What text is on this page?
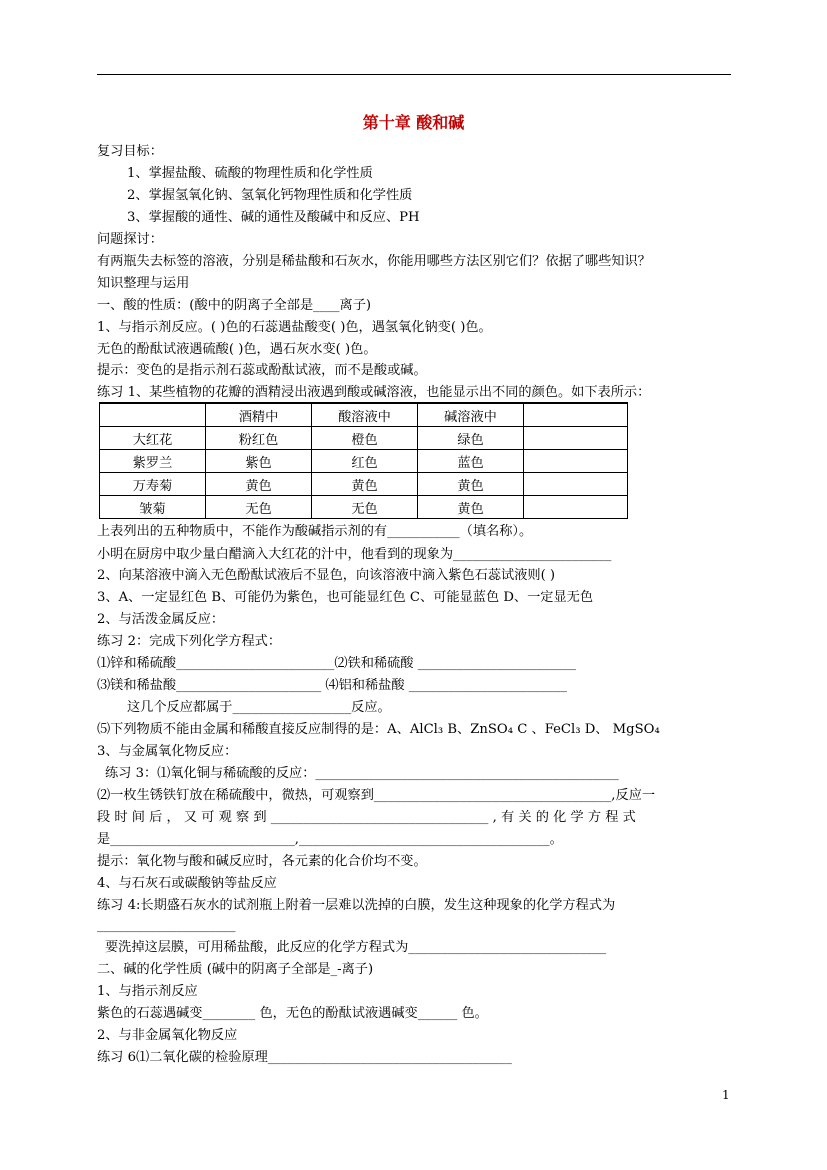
第十章 酸和碱
复习目标：
1、掌握盐酸、硫酸的物理性质和化学性质
2、掌握氢氧化钠、氢氧化钙物理性质和化学性质
3、掌握酸的通性、碱的通性及酸碱中和反应、PH
问题探讨：
有两瓶失去标签的溶液，分别是稀盐酸和石灰水，你能用哪些方法区别它们？依据了哪些知识？
知识整理与运用
一、酸的性质：(酸中的阴离子全部是____离子)
1、与指示剂反应。( )色的石蕊遇盐酸变( )色，遇氢氧化钠变( )色。
无色的酚酞试液遇硫酸( )色，遇石灰水变( )色。
提示：变色的是指示剂石蕊或酚酞试液，而不是酸或碱。
练习 1、某些植物的花瓣的酒精浸出液遇到酸或碱溶液，也能显示出不同的颜色。如下表所示：
	酒精中	酸溶液中	碱溶液中	
大红花	粉红色	橙色	绿色	
紫罗兰	紫色	红色	蓝色	
万寿菊	黄色	黄色	黄色	
皱菊	无色	无色	黄色	
上表列出的五种物质中，不能作为酸碱指示剂的有___________（填名称）。
小明在厨房中取少量白醋滴入大红花的汁中，他看到的现象为________________________
2、向某溶液中滴入无色酚酞试液后不显色，向该溶液中滴入紫色石蕊试液则( )
3、A、一定显红色 B、可能仍为紫色，也可能显红色 C、可能显蓝色 D、一定显无色
2、与活泼金属反应：
练习 2：完成下列化学方程式：
⑴锌和稀硫酸________________________⑵铁和稀硫酸 ________________________
⑶镁和稀盐酸______________________ ⑷铝和稀盐酸 ________________________
这几个反应都属于__________________反应。
⑸下列物质不能由金属和稀酸直接反应制得的是：A、AlCl₃ B、ZnSO₄ C 、FeCl₃ D、 MgSO₄
3、与金属氧化物反应：
练习 3：⑴氧化铜与稀硫酸的反应：______________________________________________
⑵一枚生锈铁钉放在稀硫酸中，微热，可观察到____________________________________,反应一
段 时 间 后 ， 又 可 观 察 到 _________________________________ , 有 关 的 化 学 方 程 式
是____________________________,______________________________________。
提示：氧化物与酸和碱反应时，各元素的化合价均不变。
4、与石灰石或碳酸钠等盐反应
练习 4:长期盛石灰水的试剂瓶上附着一层难以洗掉的白膜，发生这种现象的化学方程式为
_____________________
要洗掉这层膜，可用稀盐酸，此反应的化学方程式为______________________________
二、碱的化学性质 (碱中的阴离子全部是_-离子)
1、与指示剂反应
紫色的石蕊遇碱变________ 色，无色的酚酞试液遇碱变______ 色。
2、与非金属氧化物反应
练习 6⑴二氧化碳的检验原理_____________________________________
1
